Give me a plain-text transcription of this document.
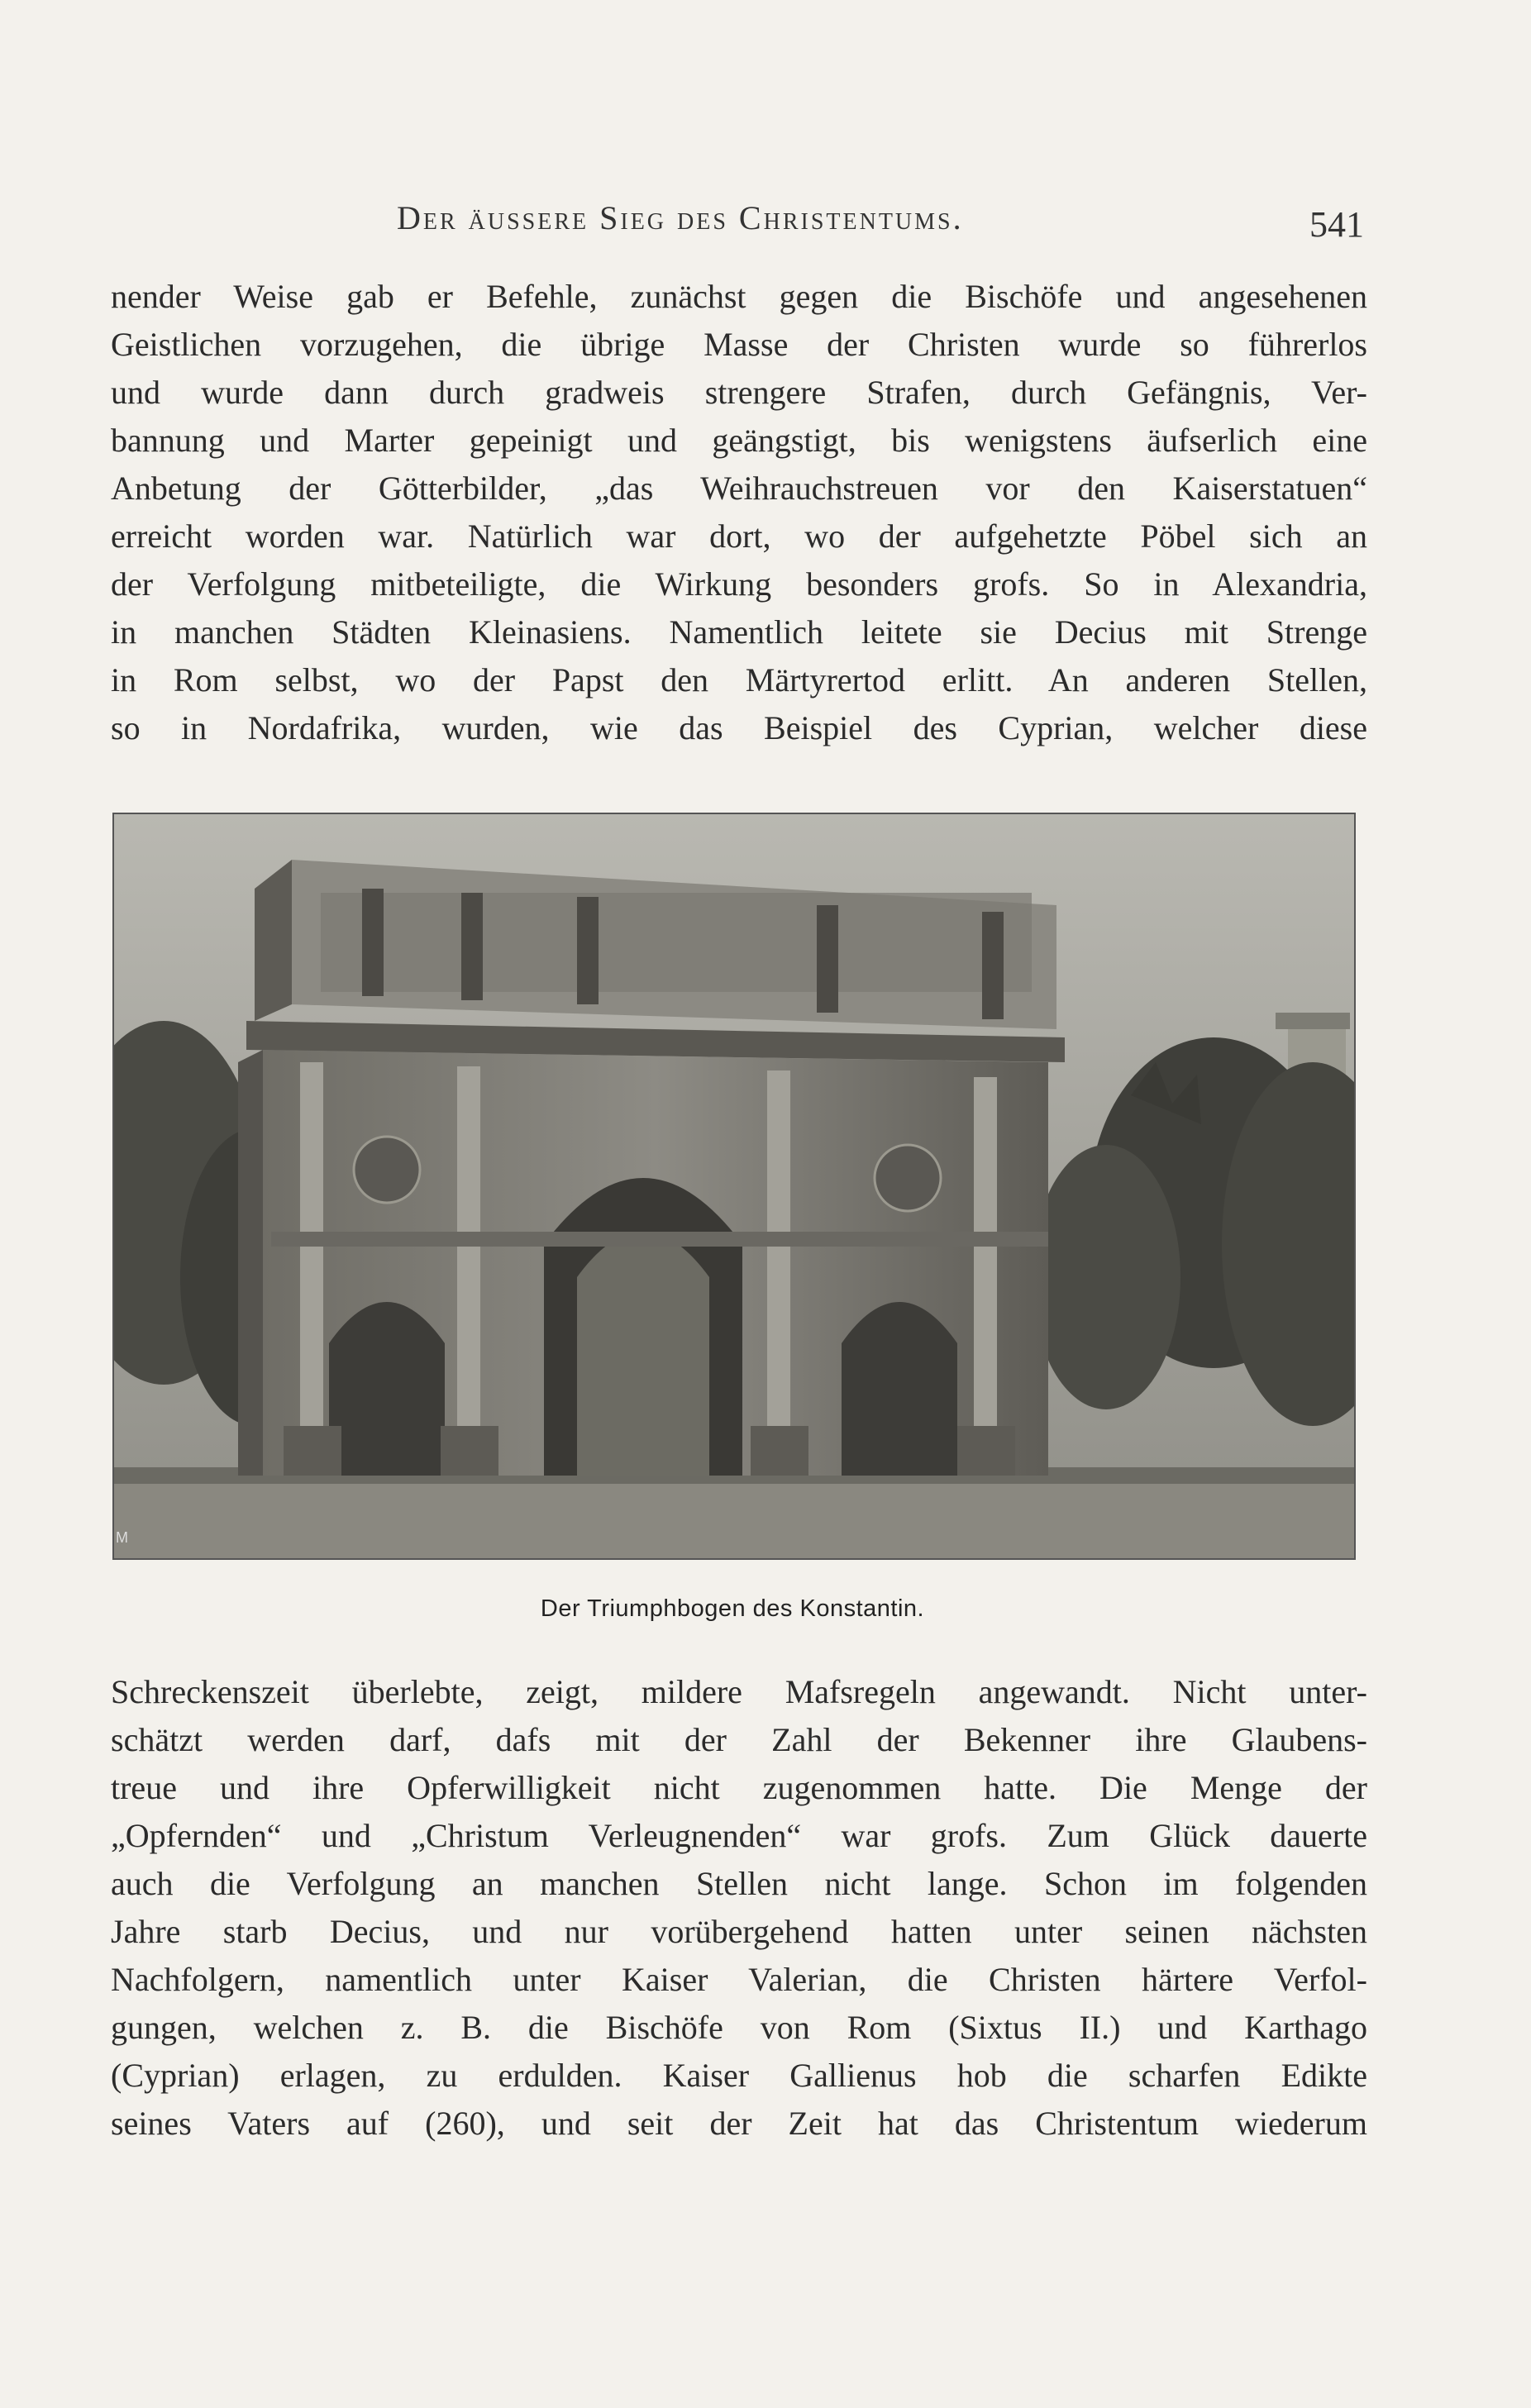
Der äussere Sieg des Christentums.	541
nender Weise gab er Befehle, zunächst gegen die Bischöfe und angesehenen
Geistlichen vorzugehen, die übrige Masse der Christen wurde so führerlos
und wurde dann durch gradweis strengere Strafen, durch Gefängnis, Ver-
bannung und Marter gepeinigt und geängstigt, bis wenigstens äufserlich eine
Anbetung der Götterbilder, „das Weihrauchstreuen vor den Kaiserstatuen“
erreicht worden war. Natürlich war dort, wo der aufgehetzte Pöbel sich an
der Verfolgung mitbeteiligte, die Wirkung besonders grofs. So in Alexandria,
in manchen Städten Kleinasiens. Namentlich leitete sie Decius mit Strenge
in Rom selbst, wo der Papst den Märtyrertod erlitt. An anderen Stellen,
so in Nordafrika, wurden, wie das Beispiel des Cyprian, welcher diese
M
Der Triumphbogen des Konstantin.
Schreckenszeit überlebte, zeigt, mildere Mafsregeln angewandt. Nicht unter-
schätzt werden darf, dafs mit der Zahl der Bekenner ihre Glaubens-
treue und ihre Opferwilligkeit nicht zugenommen hatte. Die Menge der
„Opfernden“ und „Christum Verleugnenden“ war grofs. Zum Glück dauerte
auch die Verfolgung an manchen Stellen nicht lange. Schon im folgenden
Jahre starb Decius, und nur vorübergehend hatten unter seinen nächsten
Nachfolgern, namentlich unter Kaiser Valerian, die Christen härtere Verfol-
gungen, welchen z. B. die Bischöfe von Rom (Sixtus II.) und Karthago
(Cyprian) erlagen, zu erdulden. Kaiser Gallienus hob die scharfen Edikte
seines Vaters auf (260), und seit der Zeit hat das Christentum wiederum
